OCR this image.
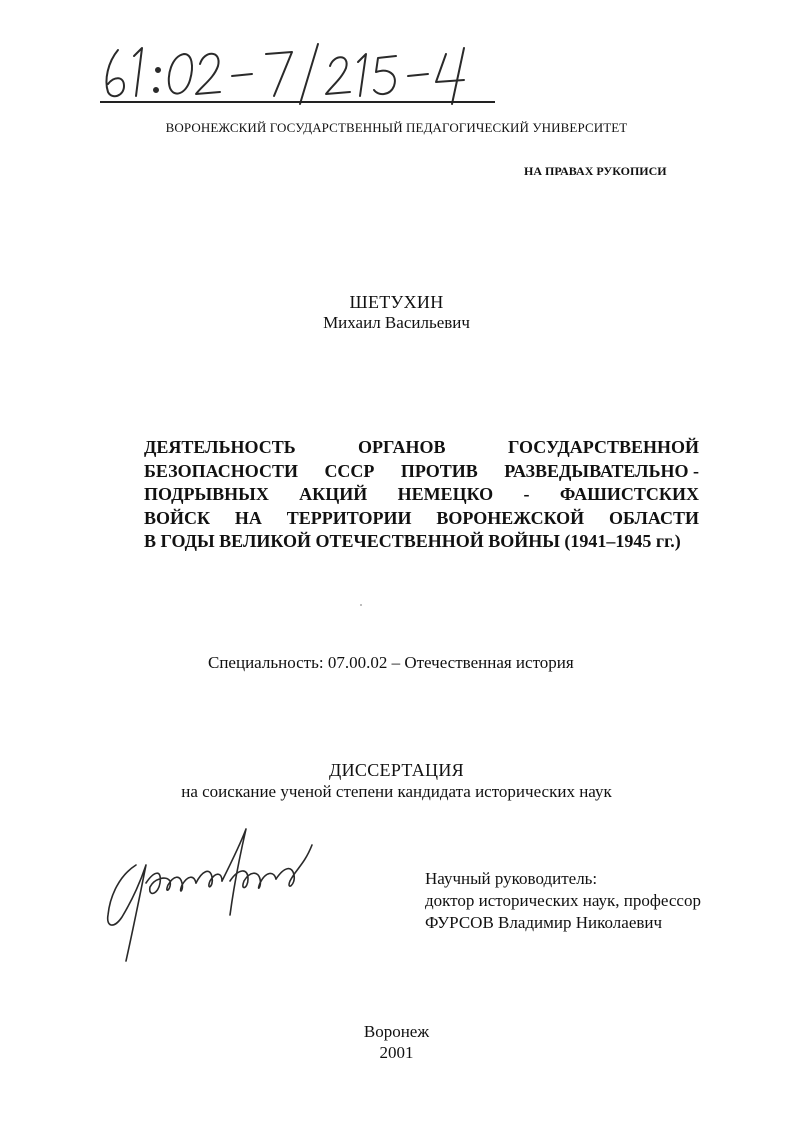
ВОРОНЕЖСКИЙ ГОСУДАРСТВЕННЫЙ ПЕДАГОГИЧЕСКИЙ УНИВЕРСИТЕТ
НА ПРАВАХ РУКОПИСИ
ШЕТУХИН
Михаил Васильевич
ДЕЯТЕЛЬНОСТЬ	ОРГАНОВ	ГОСУДАРСТВЕННОЙ
БЕЗОПАСНОСТИ СССР ПРОТИВ РАЗВЕДЫВАТЕЛЬНО -
ПОДРЫВНЫХ АКЦИЙ НЕМЕЦКО - ФАШИСТСКИХ
ВОЙСК НА ТЕРРИТОРИИ ВОРОНЕЖСКОЙ ОБЛАСТИ
В ГОДЫ ВЕЛИКОЙ ОТЕЧЕСТВЕННОЙ ВОЙНЫ (1941–1945 гг.)
Специальность: 07.00.02 – Отечественная история
ДИССЕРТАЦИЯ
на соискание ученой степени кандидата исторических наук
Научный руководитель:
доктор исторических наук, профессор
ФУРСОВ Владимир Николаевич
Воронеж
2001
